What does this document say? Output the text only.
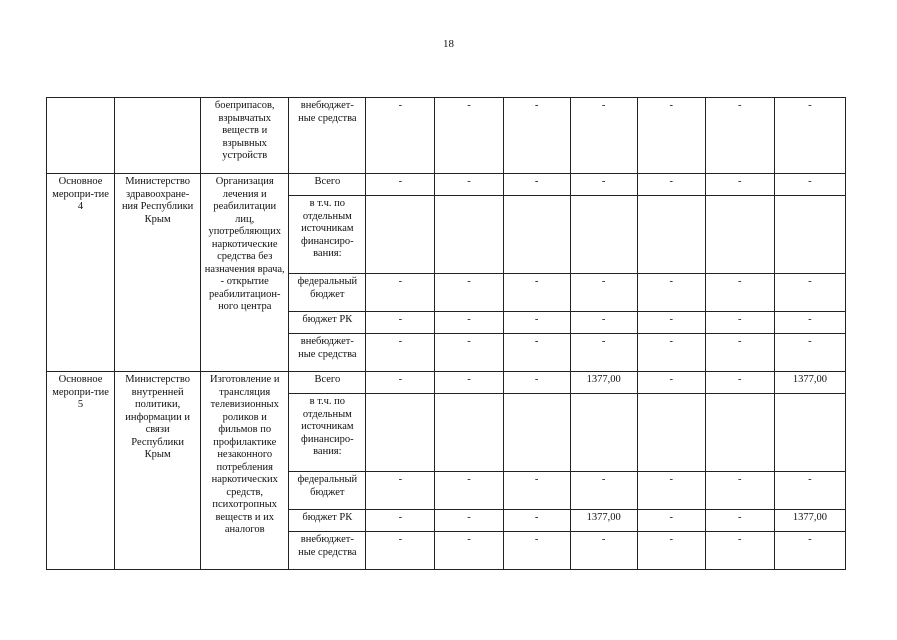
18
		боеприпасов, взрывчатых веществ и взрывных устройств	внебюджет-ные средства	-	-	-	-	-	-	-
Основное меропри-тие 4	Министерство здравоохране-ния Республики Крым	Организация лечения и реабилитации лиц, употребляющих наркотические средства без назначения врача, - открытие реабилитацион-ного центра	Всего	-	-	-	-	-	-	-
			в т.ч. по отдельным источникам финансиро-вания:							
			федеральный бюджет	-	-	-	-	-	-	-
			бюджет РК	-	-	-	-	-	-	-
			внебюджет-ные средства	-	-	-	-	-	-	-
Основное меропри-тие 5	Министерство внутренней политики, информации и связи Республики Крым	Изготовление и трансляция телевизионных роликов и фильмов по профилактике незаконного потребления наркотических средств, психотропных веществ и их аналогов	Всего	-	-	-	1377,00	-	-	1377,00
			в т.ч. по отдельным источникам финансиро-вания:							
			федеральный бюджет	-	-	-	-	-	-	-
			бюджет РК	-	-	-	1377,00	-	-	1377,00
			внебюджет-ные средства	-	-	-	-	-	-	-
